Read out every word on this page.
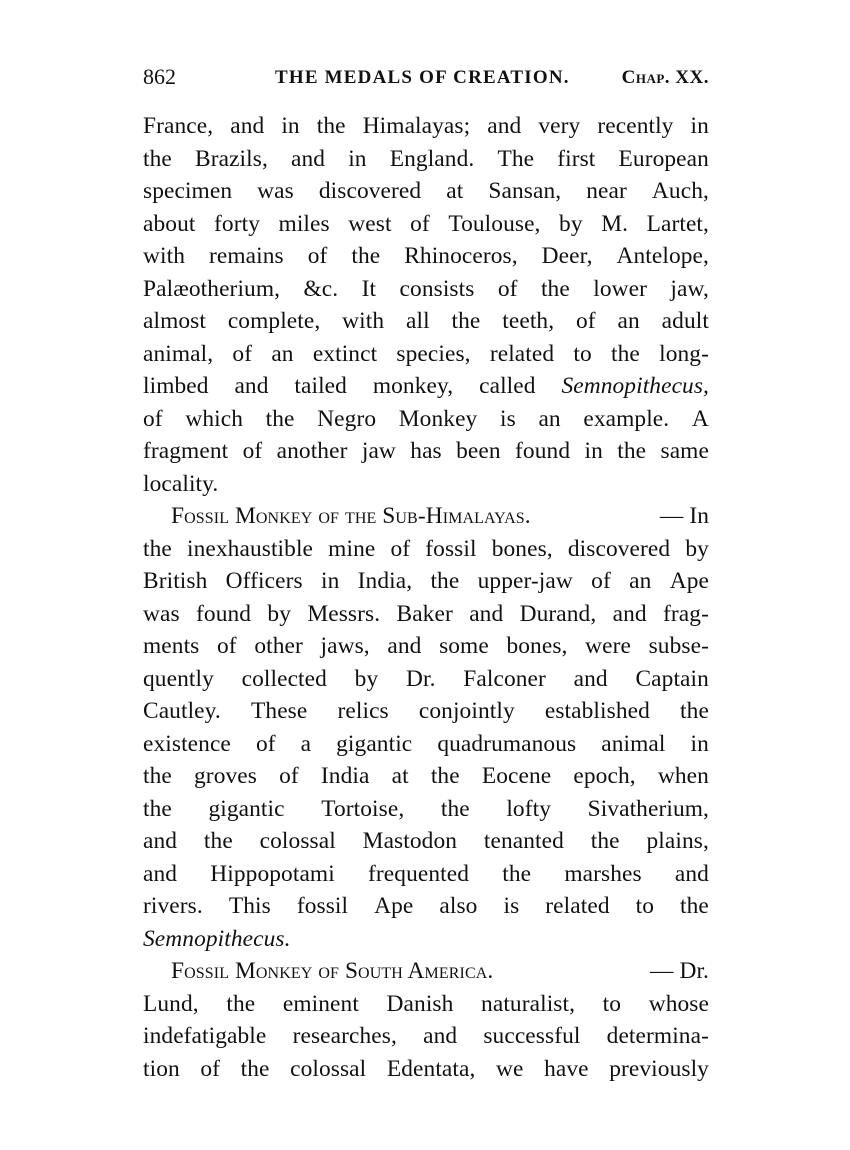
862	THE MEDALS OF CREATION.	Chap. XX.
France, and in the Himalayas; and very recently in
the Brazils, and in England. The first European
specimen was discovered at Sansan, near Auch,
about forty miles west of Toulouse, by M. Lartet,
with remains of the Rhinoceros, Deer, Antelope,
Palæotherium, &c. It consists of the lower jaw,
almost complete, with all the teeth, of an adult
animal, of an extinct species, related to the long-
limbed and tailed monkey, called Semnopithecus,
of which the Negro Monkey is an example. A
fragment of another jaw has been found in the same
locality.
Fossil Monkey of the Sub-Himalayas.	— In
the inexhaustible mine of fossil bones, discovered by
British Officers in India, the upper-jaw of an Ape
was found by Messrs. Baker and Durand, and frag-
ments of other jaws, and some bones, were subse-
quently collected by Dr. Falconer and Captain
Cautley. These relics conjointly established the
existence of a gigantic quadrumanous animal in
the groves of India at the Eocene epoch, when
the gigantic Tortoise, the lofty Sivatherium,
and the colossal Mastodon tenanted the plains,
and Hippopotami frequented the marshes and
rivers. This fossil Ape also is related to the
Semnopithecus.
Fossil Monkey of South America.	— Dr.
Lund, the eminent Danish naturalist, to whose
indefatigable researches, and successful determina-
tion of the colossal Edentata, we have previously
